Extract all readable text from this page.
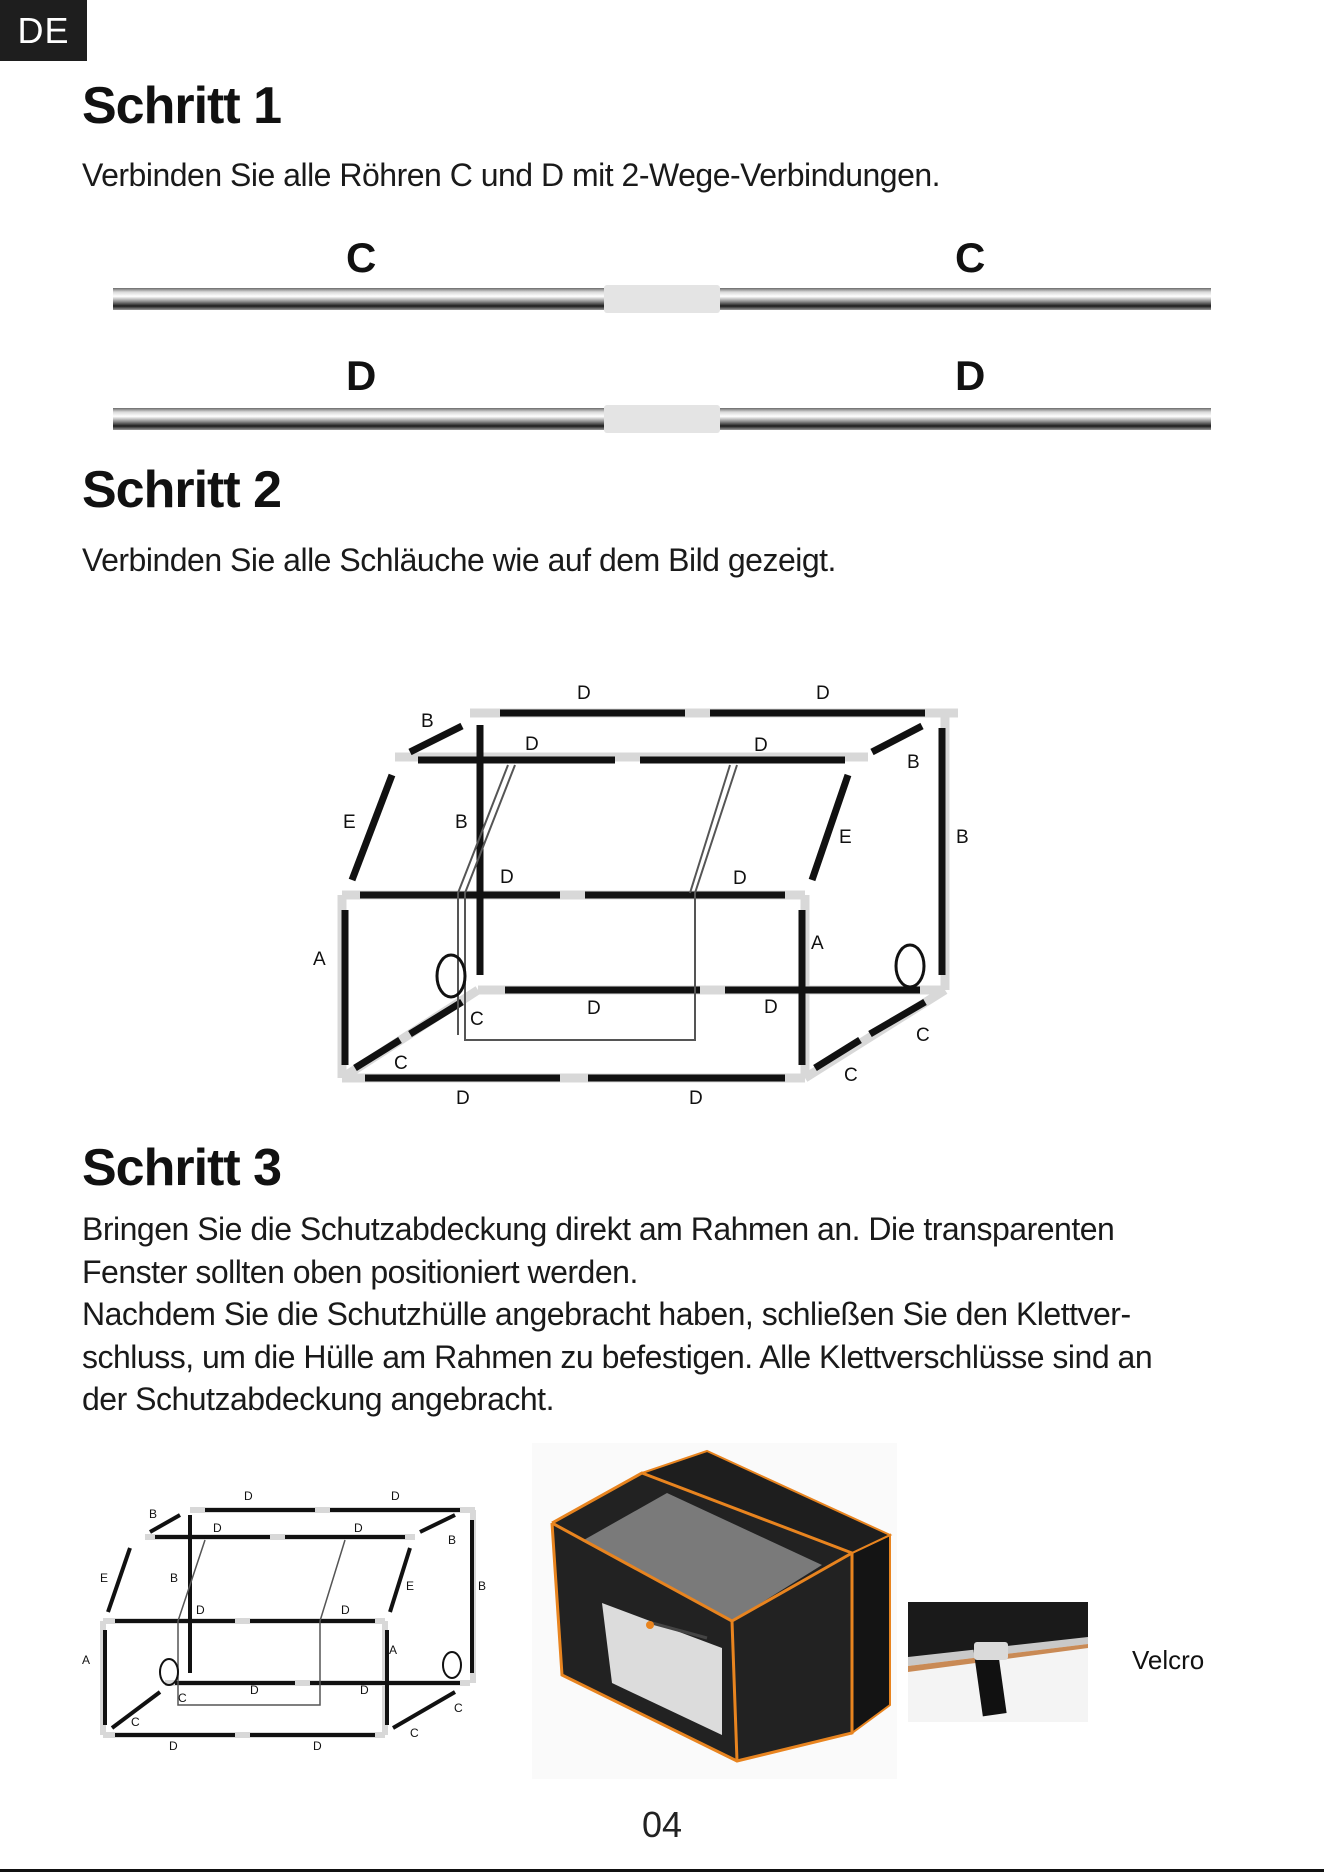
DE
Schritt 1

Verbinden Sie alle Röhren C und D mit 2-Wege-Verbindungen.

C	C
D	D
Schritt 2

Verbinden Sie alle Schläuche wie auf dem Bild gezeigt.

D	D
B
D	D
B
E	B
E	B
D	D
A
A
C
D	D
C
C
C
D	D
Schritt 3

Bringen Sie die Schutzabdeckung direkt am Rahmen an. Die transparenten

Fenster sollten oben positioniert werden.

Nachdem Sie die Schutzhülle angebracht haben, schließen Sie den Klettver-

schluss, um die Hülle am Rahmen zu befestigen. Alle Klettverschlüsse sind an

der Schutzabdeckung angebracht.

D	D
B
D	D
B
E	B
E	B
D	D
A
A
C
D	D
C
C
C
D	D
Velcro
04
